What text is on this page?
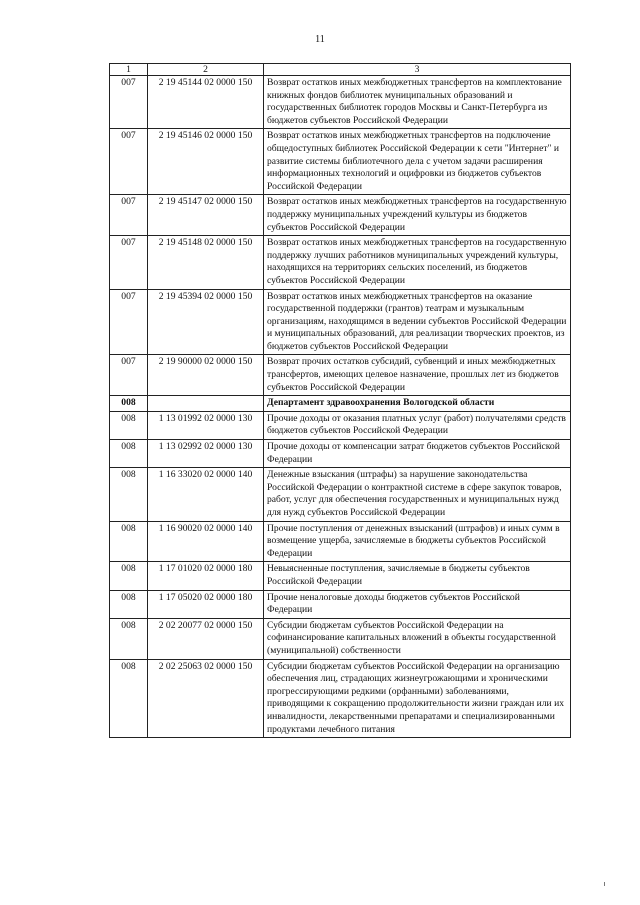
11
1	2	3
007	2 19 45144 02 0000 150	Возврат остатков иных межбюджетных трансфертов на комплектование книжных фондов библиотек муниципальных образований и государственных библиотек городов Москвы и Санкт-Петербурга из бюджетов субъектов Российской Федерации
007	2 19 45146 02 0000 150	Возврат остатков иных межбюджетных трансфертов на подключение общедоступных библиотек Российской Федерации к сети "Интернет" и развитие системы библиотечного дела с учетом задачи расширения информационных технологий и оцифровки из бюджетов субъектов Российской Федерации
007	2 19 45147 02 0000 150	Возврат остатков иных межбюджетных трансфертов на государственную поддержку муниципальных учреждений культуры из бюджетов субъектов Российской Федерации
007	2 19 45148 02 0000 150	Возврат остатков иных межбюджетных трансфертов на государственную поддержку лучших работников муниципальных учреждений культуры, находящихся на территориях сельских поселений, из бюджетов субъектов Российской Федерации
007	2 19 45394 02 0000 150	Возврат остатков иных межбюджетных трансфертов на оказание государственной поддержки (грантов) театрам и музыкальным организациям, находящимся в ведении субъектов Российской Федерации и муниципальных образований, для реализации творческих проектов, из бюджетов субъектов Российской Федерации
007	2 19 90000 02 0000 150	Возврат прочих остатков субсидий, субвенций и иных межбюджетных трансфертов, имеющих целевое назначение, прошлых лет из бюджетов субъектов Российской Федерации
008		Департамент здравоохранения Вологодской области
008	1 13 01992 02 0000 130	Прочие доходы от оказания платных услуг (работ) получателями средств бюджетов субъектов Российской Федерации
008	1 13 02992 02 0000 130	Прочие доходы от компенсации затрат бюджетов субъектов Российской Федерации
008	1 16 33020 02 0000 140	Денежные взыскания (штрафы) за нарушение законодательства Российской Федерации о контрактной системе в сфере закупок товаров, работ, услуг для обеспечения государственных и муниципальных нужд для нужд субъектов Российской Федерации
008	1 16 90020 02 0000 140	Прочие поступления от денежных взысканий (штрафов) и иных сумм в возмещение ущерба, зачисляемые в бюджеты субъектов Российской Федерации
008	1 17 01020 02 0000 180	Невыясненные поступления, зачисляемые в бюджеты субъектов Российской Федерации
008	1 17 05020 02 0000 180	Прочие неналоговые доходы бюджетов субъектов Российской Федерации
008	2 02 20077 02 0000 150	Субсидии бюджетам субъектов Российской Федерации на софинансирование капитальных вложений в объекты государственной (муниципальной) собственности
008	2 02 25063 02 0000 150	Субсидии бюджетам субъектов Российской Федерации на организацию обеспечения лиц, страдающих жизнеугрожающими и хроническими прогрессирующими редкими (орфанными) заболеваниями, приводящими к сокращению продолжительности жизни граждан или их инвалидности, лекарственными препаратами и специализированными продуктами лечебного питания
